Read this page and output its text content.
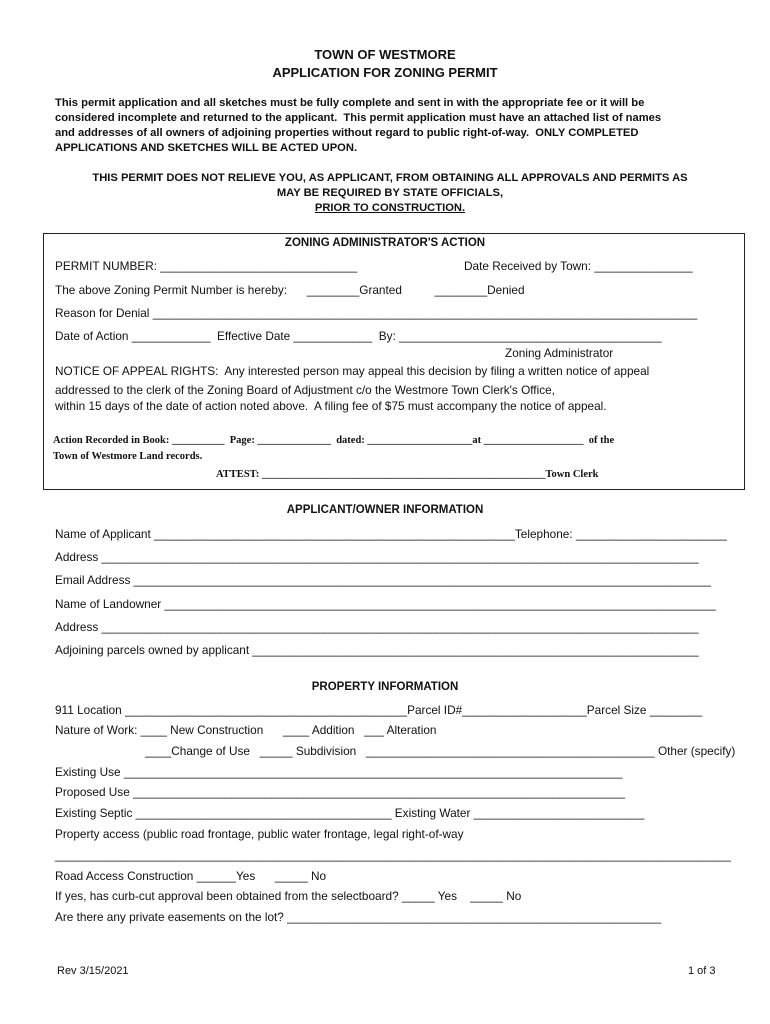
TOWN OF WESTMORE
APPLICATION FOR ZONING PERMIT
This permit application and all sketches must be fully complete and sent in with the appropriate fee or it will be
considered incomplete and returned to the applicant.  This permit application must have an attached list of names
and addresses of all owners of adjoining properties without regard to public right-of-way.  ONLY COMPLETED
APPLICATIONS AND SKETCHES WILL BE ACTED UPON.
THIS PERMIT DOES NOT RELIEVE YOU, AS APPLICANT, FROM OBTAINING ALL APPROVALS AND PERMITS AS
MAY BE REQUIRED BY STATE OFFICIALS,
PRIOR TO CONSTRUCTION.
ZONING ADMINISTRATOR'S ACTION
PERMIT NUMBER: ______________________________	Date Received by Town: _______________
The above Zoning Permit Number is hereby:      ________Granted          ________Denied
Reason for Denial ___________________________________________________________________________________
Date of Action ____________  Effective Date ____________  By: ________________________________________
Zoning Administrator
NOTICE OF APPEAL RIGHTS:  Any interested person may appeal this decision by filing a written notice of appeal
addressed to the clerk of the Zoning Board of Adjustment c/o the Westmore Town Clerk's Office,
within 15 days of the date of action noted above.  A filing fee of $75 must accompany the notice of appeal.
Action Recorded in Book: __________  Page: ______________  dated: ____________________at ___________________  of the
Town of Westmore Land records.
ATTEST: ______________________________________________________Town Clerk
APPLICANT/OWNER INFORMATION
Name of Applicant _______________________________________________________Telephone: _______________________
Address ___________________________________________________________________________________________
Email Address ________________________________________________________________________________________
Name of Landowner ____________________________________________________________________________________
Address ___________________________________________________________________________________________
Adjoining parcels owned by applicant ____________________________________________________________________
PROPERTY INFORMATION
911 Location ___________________________________________Parcel ID#___________________Parcel Size ________
Nature of Work: ____ New Construction      ____ Addition   ___ Alteration
____Change of Use   _____ Subdivision   ____________________________________________ Other (specify)
Existing Use ____________________________________________________________________________
Proposed Use ___________________________________________________________________________
Existing Septic _______________________________________ Existing Water __________________________
Property access (public road frontage, public water frontage, legal right-of-way
_______________________________________________________________________________________________________
Road Access Construction ______Yes      _____ No
If yes, has curb-cut approval been obtained from the selectboard? _____ Yes    _____ No
Are there any private easements on the lot? _________________________________________________________
Rev 3/15/2021	1 of 3
